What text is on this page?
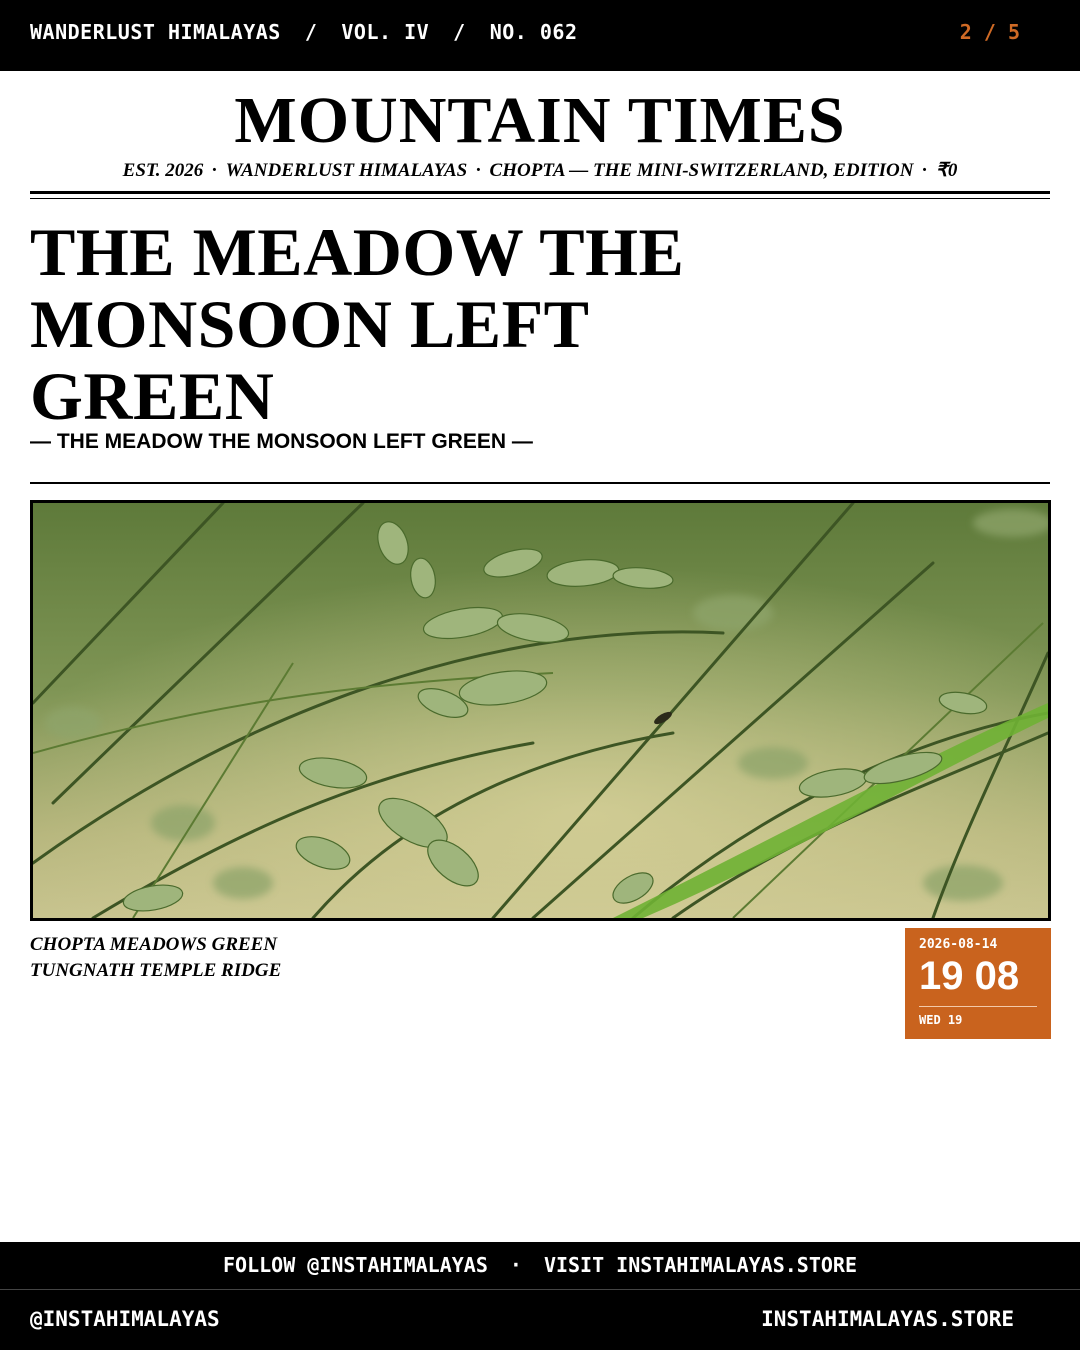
WANDERLUST HIMALAYAS / VOL. IV / NO. 062	2 / 5
MOUNTAIN TIMES
EST. 2026 · WANDERLUST HIMALAYAS · CHOPTA — THE MINI-SWITZERLAND, EDITION · ₹0
THE MEADOW THE MONSOON LEFT GREEN
— THE MEADOW THE MONSOON LEFT GREEN —
CHOPTA MEADOWS GREEN
TUNGNATH TEMPLE RIDGE
2026-08-14
19 08
WED 19
FOLLOW @INSTAHIMALAYAS · VISIT INSTAHIMALAYAS.STORE
@INSTAHIMALAYAS	INSTAHIMALAYAS.STORE
